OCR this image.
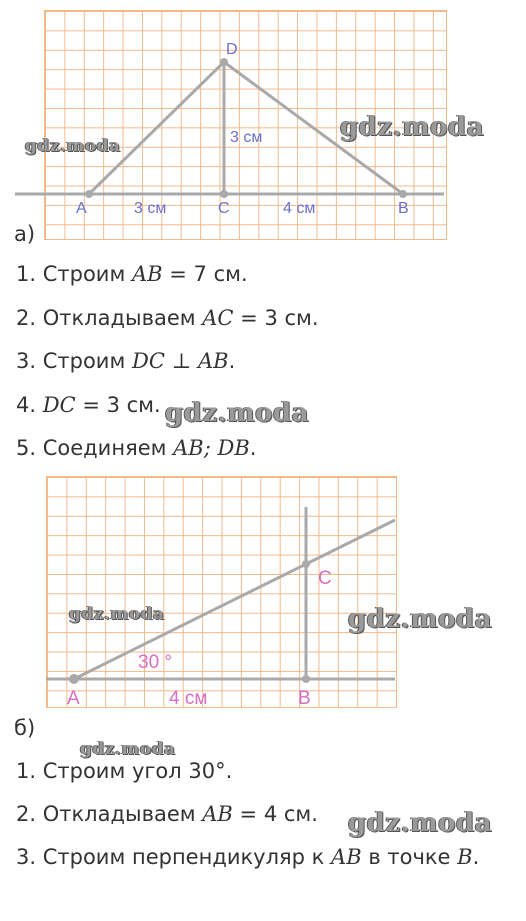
D
A	C	B
3 см
3 см	4 см
а)
1. Строим AB = 7 см.
2. Откладываем AC = 3 см.
3. Строим DC ⊥ AB.
4. DC = 3 см.
5. Соединяем AB; DB.
A	B
C
30 °
4 см
б)
1. Строим угол 30°.
2. Откладываем AB = 4 см.
3. Строим перпендикуляр к AB в точке B.
gdz.moda
gdz.moda
gdz.moda
gdz.moda	gdz.moda
gdz.moda
gdz.moda
